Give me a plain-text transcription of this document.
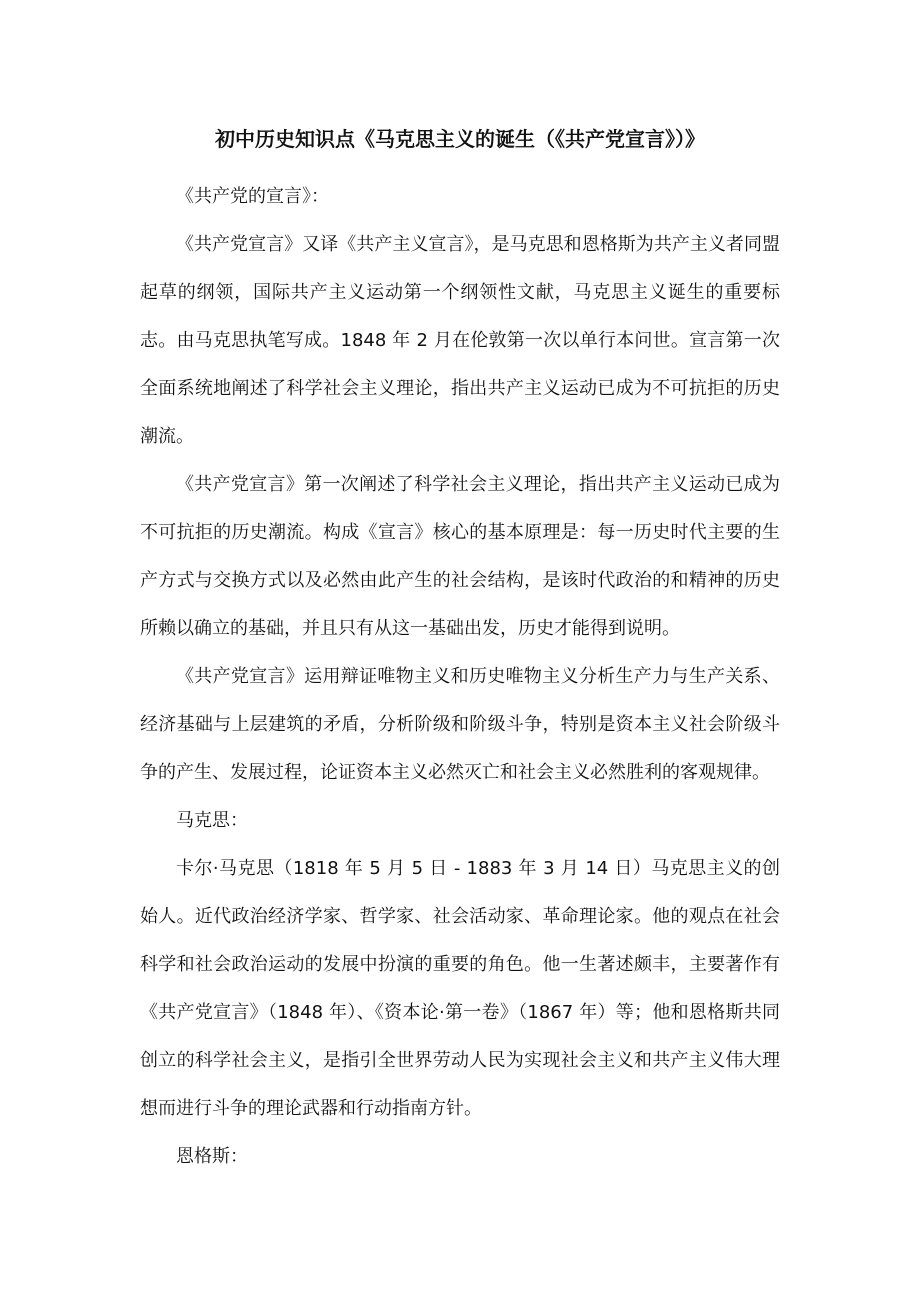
初中历史知识点《马克思主义的诞生（《共产党宣言》）》

《共产党的宣言》：

《共产党宣言》又译《共产主义宣言》，是马克思和恩格斯为共产主义者同盟起草的纲领，国际共产主义运动第一个纲领性文献，马克思主义诞生的重要标志。由马克思执笔写成。1848 年 2 月在伦敦第一次以单行本问世。宣言第一次全面系统地阐述了科学社会主义理论，指出共产主义运动已成为不可抗拒的历史潮流。

《共产党宣言》第一次阐述了科学社会主义理论，指出共产主义运动已成为不可抗拒的历史潮流。构成《宣言》核心的基本原理是：每一历史时代主要的生产方式与交换方式以及必然由此产生的社会结构，是该时代政治的和精神的历史所赖以确立的基础，并且只有从这一基础出发，历史才能得到说明。

《共产党宣言》运用辩证唯物主义和历史唯物主义分析生产力与生产关系、经济基础与上层建筑的矛盾，分析阶级和阶级斗争，特别是资本主义社会阶级斗争的产生、发展过程，论证资本主义必然灭亡和社会主义必然胜利的客观规律。

马克思：

卡尔·马克思（1818 年 5 月 5 日 - 1883 年 3 月 14 日）马克思主义的创始人。近代政治经济学家、哲学家、社会活动家、革命理论家。他的观点在社会科学和社会政治运动的发展中扮演的重要的角色。他一生著述颇丰，主要著作有《共产党宣言》（1848 年）、《资本论·第一卷》（1867 年）等；他和恩格斯共同创立的科学社会主义，是指引全世界劳动人民为实现社会主义和共产主义伟大理想而进行斗争的理论武器和行动指南方针。

恩格斯：
